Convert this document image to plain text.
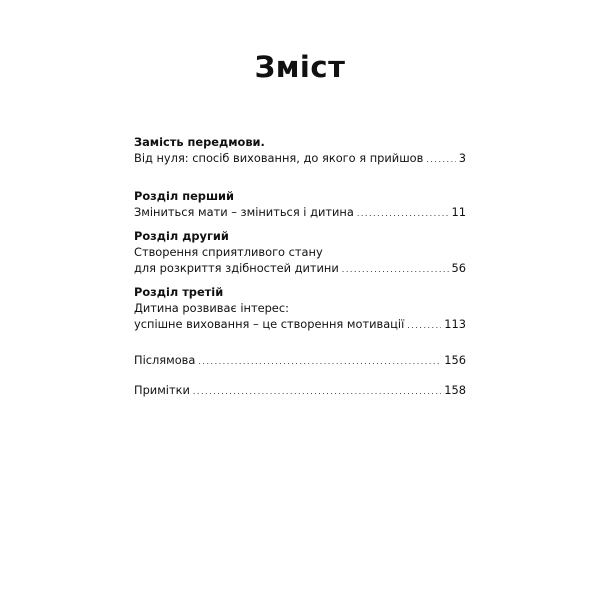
Зміст
Замість передмови.
Від нуля: спосіб виховання, до якого я прийшов .....	3
Розділ перший
Зміниться мати – зміниться і дитина .....	11
Розділ другий
Створення сприятливого стану
для розкриття здібностей дитини .....	56
Розділ третій
Дитина розвиває інтерес:
успішне виховання – це створення мотивації .....	113
Післямова .....	156
Примітки .....	158
